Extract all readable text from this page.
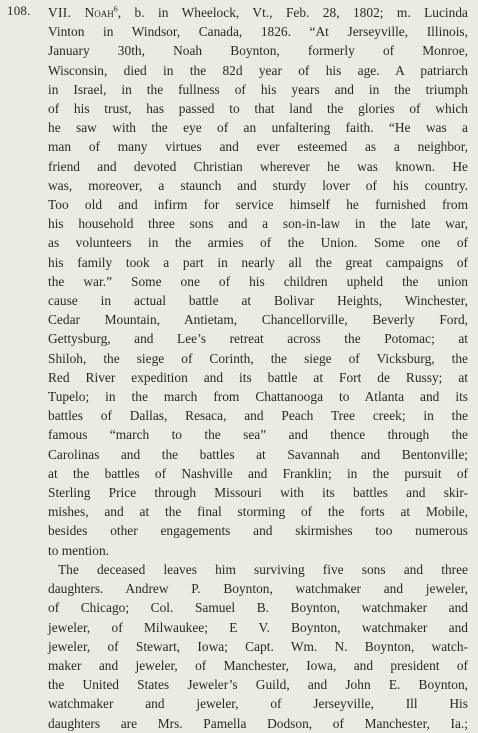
108. VII. Noah$^6$, b. in Wheelock, Vt., Feb. 28, 1802; m. Lucinda
Vinton in Windsor, Canada, 1826. “At Jerseyville, Illinois,
January 30th, Noah Boynton, formerly of Monroe,
Wisconsin, died in the 82d year of his age. A patriarch
in Israel, in the fullness of his years and in the triumph
of his trust, has passed to that land the glories of which
he saw with the eye of an unfaltering faith. “He was a
man of many virtues and ever esteemed as a neighbor,
friend and devoted Christian wherever he was known. He
was, moreover, a staunch and sturdy lover of his country.
Too old and infirm for service himself he furnished from
his household three sons and a son-in-law in the late war,
as volunteers in the armies of the Union. Some one of
his family took a part in nearly all the great campaigns of
the war.” Some one of his children upheld the union
cause in actual battle at Bolivar Heights, Winchester,
Cedar Mountain, Antietam, Chancellorville, Beverly Ford,
Gettysburg, and Lee’s retreat across the Potomac; at
Shiloh, the siege of Corinth, the siege of Vicksburg, the
Red River expedition and its battle at Fort de Russy; at
Tupelo; in the march from Chattanooga to Atlanta and its
battles of Dallas, Resaca, and Peach Tree creek; in the
famous “march to the sea” and thence through the
Carolinas and the battles at Savannah and Bentonville;
at the battles of Nashville and Franklin; in the pursuit of
Sterling Price through Missouri with its battles and skir-
mishes, and at the final storming of the forts at Mobile,
besides other engagements and skirmishes too numerous
to mention.
The deceased leaves him surviving five sons and three
daughters. Andrew P. Boynton, watchmaker and jeweler,
of Chicago; Col. Samuel B. Boynton, watchmaker and
jeweler, of Milwaukee; E V. Boynton, watchmaker and
jeweler, of Stewart, Iowa; Capt. Wm. N. Boynton, watch-
maker and jeweler, of Manchester, Iowa, and president of
the United States Jeweler’s Guild, and John E. Boynton,
watchmaker and jeweler, of Jerseyville, Ill His
daughters are Mrs. Pamella Dodson, of Manchester, Ia.;
